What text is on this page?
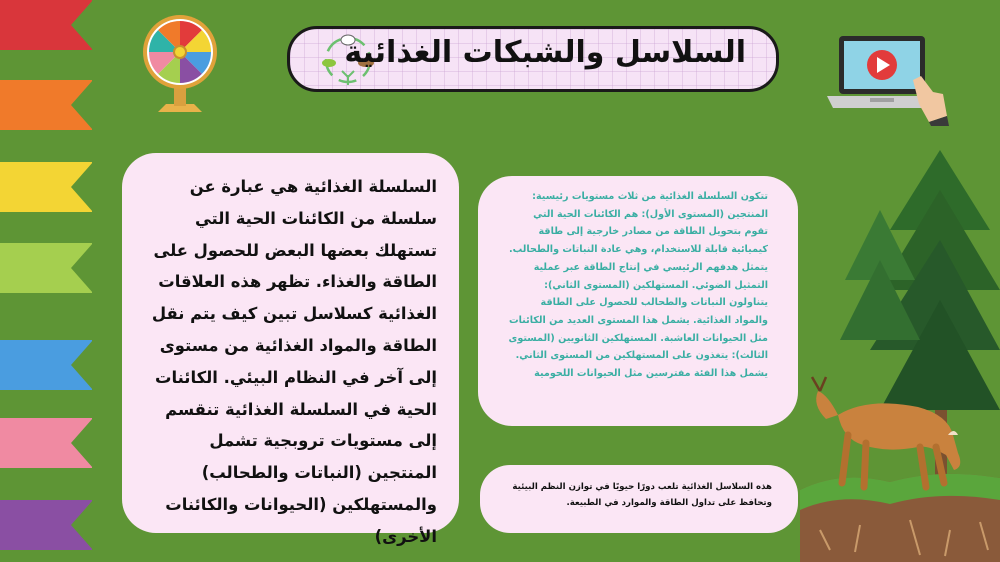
السلاسل والشبكات الغذائية
السلسلة الغذائية هي عبارة عن سلسلة من الكائنات الحية التي تستهلك بعضها البعض للحصول على الطاقة والغذاء. تظهر هذه العلاقات الغذائية كسلاسل تبين كيف يتم نقل الطاقة والمواد الغذائية من مستوى إلى آخر في النظام البيئي. الكائنات الحية في السلسلة الغذائية تنقسم إلى مستويات تروبجية تشمل المنتجين (النباتات والطحالب) والمستهلكين (الحيوانات والكائنات الأخرى)
تتكون السلسلة الغذائية من ثلاث مستويات رئيسية: المنتجين (المستوى الأول): هم الكائنات الحية التي تقوم بتحويل الطاقة من مصادر خارجية إلى طاقة كيميائية قابلة للاستخدام، وهي عادة النباتات والطحالب. يتمثل هدفهم الرئيسي في إنتاج الطاقة عبر عملية التمثيل الضوئي. المستهلكين (المستوى الثاني): يتناولون النباتات والطحالب للحصول على الطاقة والمواد الغذائية. يشمل هذا المستوى العديد من الكائنات مثل الحيوانات العاشبة. المستهلكين الثانويين (المستوى الثالث): يتغذون على المستهلكين من المستوى الثاني. يشمل هذا الفئة مفترسين مثل الحيوانات اللحومية
هذه السلاسل الغذائية تلعب دورًا حيويًا في توازن النظم البيئية وتحافظ على تداول الطاقة والموارد في الطبيعة.
